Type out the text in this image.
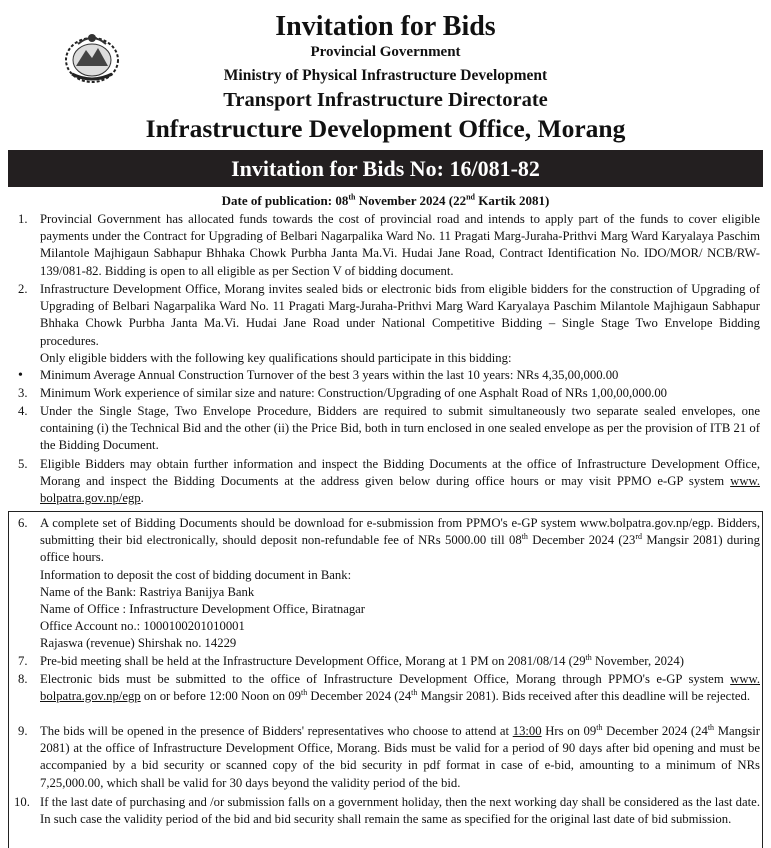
Invitation for Bids
Provincial Government
Ministry of Physical Infrastructure Development
Transport Infrastructure Directorate
Infrastructure Development Office, Morang
Invitation for Bids No: 16/081-82
Date of publication: 08th November 2024 (22nd Kartik 2081)
1. Provincial Government has allocated funds towards the cost of provincial road and intends to apply part of the funds to cover eligible payments under the Contract for Upgrading of Belbari Nagarpalika Ward No. 11 Pragati Marg-Juraha-Prithvi Marg Ward Karyalaya Paschim Milantole Majhigaun Sabhapur Bhhaka Chowk Purbha Janta Ma.Vi. Hudai Jane Road, Contract Identification No. IDO/MOR/ NCB/RW-139/081-82. Bidding is open to all eligible as per Section V of bidding document.
2. Infrastructure Development Office, Morang invites sealed bids or electronic bids from eligible bidders for the construction of Upgrading of Upgrading of Belbari Nagarpalika Ward No. 11 Pragati Marg-Juraha-Prithvi Marg Ward Karyalaya Paschim Milantole Majhigaun Sabhapur Bhhaka Chowk Purbha Janta Ma.Vi. Hudai Jane Road under National Competitive Bidding – Single Stage Two Envelope Bidding procedures.
Only eligible bidders with the following key qualifications should participate in this bidding:
•	Minimum Average Annual Construction Turnover of the best 3 years within the last 10 years: NRs 4,35,00,000.00
3. Minimum Work experience of similar size and nature: Construction/Upgrading of one Asphalt Road of NRs 1,00,00,000.00
4. Under the Single Stage, Two Envelope Procedure, Bidders are required to submit simultaneously two separate sealed envelopes, one containing (i) the Technical Bid and the other (ii) the Price Bid, both in turn enclosed in one sealed envelope as per the provision of ITB 21 of the Bidding Document.
5. Eligible Bidders may obtain further information and inspect the Bidding Documents at the office of Infrastructure Development Office, Morang and inspect the Bidding Documents at the address given below during office hours or may visit PPMO e-GP system www. bolpatra.gov.np/egp.
6. A complete set of Bidding Documents should be download for e-submission from PPMO's e-GP system www.bolpatra.gov.np/egp. Bidders, submitting their bid electronically, should deposit non-refundable fee of NRs 5000.00 till 08th December 2024 (23rd Mangsir 2081) during office hours.
Information to deposit the cost of bidding document in Bank:
Name of the Bank: Rastriya Banijya Bank
Name of Office : Infrastructure Development Office, Biratnagar
Office Account no.: 1000100201010001
Rajaswa (revenue) Shirshak no. 14229
7. Pre-bid meeting shall be held at the Infrastructure Development Office, Morang at 1 PM on 2081/08/14 (29th November, 2024)
8. Electronic bids must be submitted to the office of Infrastructure Development Office, Morang through PPMO's e-GP system www. bolpatra.gov.np/egp on or before 12:00 Noon on 09th December 2024 (24th Mangsir 2081). Bids received after this deadline will be rejected.
9. The bids will be opened in the presence of Bidders' representatives who choose to attend at 13:00 Hrs on 09th December 2024 (24th Mangsir 2081) at the office of Infrastructure Development Office, Morang. Bids must be valid for a period of 90 days after bid opening and must be accompanied by a bid security or scanned copy of the bid security in pdf format in case of e-bid, amounting to a minimum of NRs 7,25,000.00, which shall be valid for 30 days beyond the validity period of the bid.
10. If the last date of purchasing and /or submission falls on a government holiday, then the next working day shall be considered as the last date. In such case the validity period of the bid and bid security shall remain the same as specified for the original last date of bid submission.
